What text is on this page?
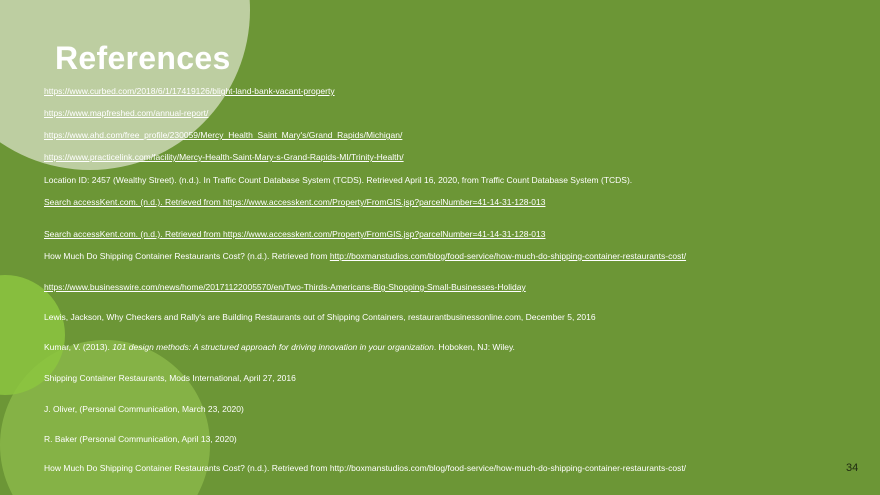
References
https://www.curbed.com/2018/6/1/17419126/blight-land-bank-vacant-property
https://www.mapfreshed.com/annual-report/
https://www.ahd.com/free_profile/230059/Mercy_Health_Saint_Mary's/Grand_Rapids/Michigan/
https://www.practicelink.com/facility/Mercy-Health-Saint-Mary-s-Grand-Rapids-MI/Trinity-Health/
Location ID: 2457 (Wealthy Street). (n.d.). In Traffic Count Database System (TCDS). Retrieved April 16, 2020, from Traffic Count Database System (TCDS).
Search accessKent.com. (n.d.). Retrieved from https://www.accesskent.com/Property/FromGIS.jsp?parcelNumber=41-14-31-128-013
Search accessKent.com. (n.d.). Retrieved from https://www.accesskent.com/Property/FromGIS.jsp?parcelNumber=41-14-31-128-013
How Much Do Shipping Container Restaurants Cost? (n.d.). Retrieved from http://boxmanstudios.com/blog/food-service/how-much-do-shipping-container-restaurants-cost/
https://www.businesswire.com/news/home/20171122005570/en/Two-Thirds-Americans-Big-Shopping-Small-Businesses-Holiday
Lewis, Jackson, Why Checkers and Rally's are Building Restaurants out of Shipping Containers, restaurantbusinessonline.com, December 5, 2016
Kumar, V. (2013). 101 design methods: A structured approach for driving innovation in your organization. Hoboken, NJ: Wiley.
Shipping Container Restaurants, Mods International, April 27, 2016
J. Oliver, (Personal Communication, March 23, 2020)
R. Baker (Personal Communication, April 13, 2020)
How Much Do Shipping Container Restaurants Cost? (n.d.). Retrieved from http://boxmanstudios.com/blog/food-service/how-much-do-shipping-container-restaurants-cost/	34
